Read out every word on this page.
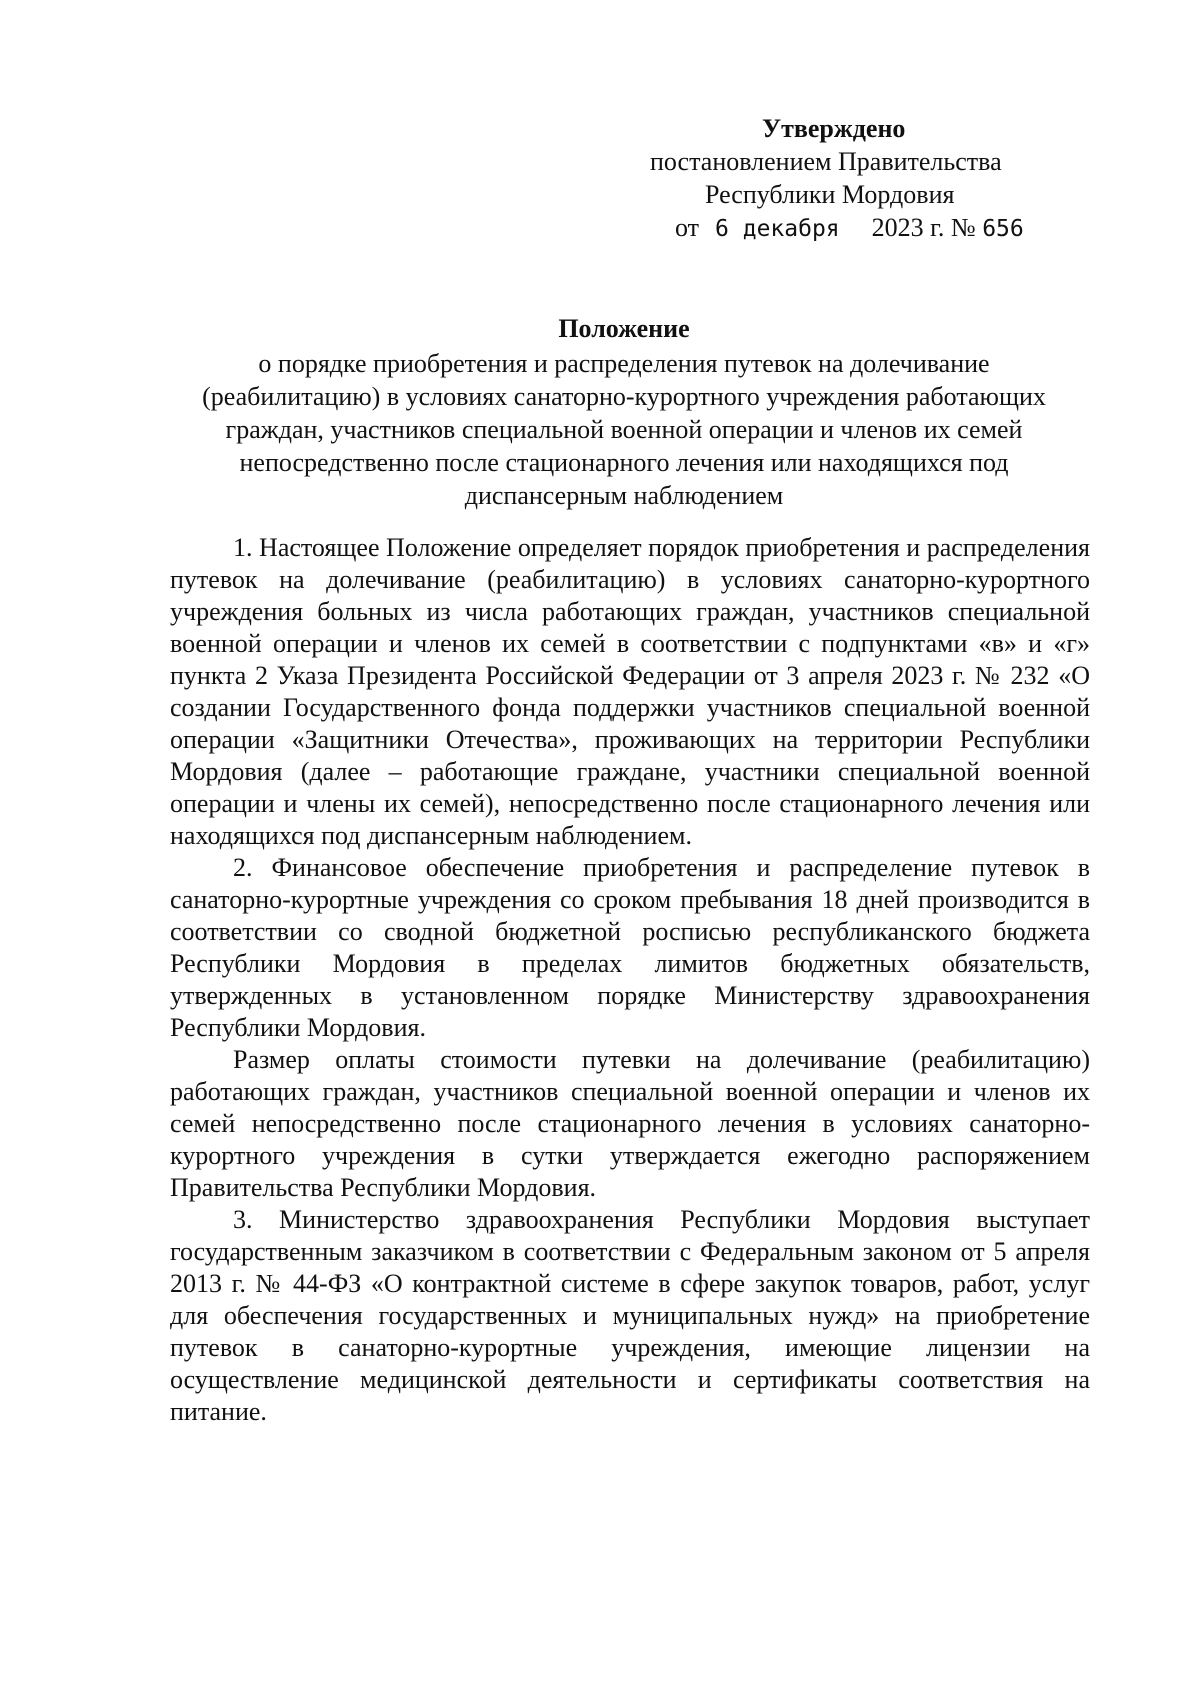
Утверждено
постановлением Правительства
Республики Мордовия
от 6 декабря 2023 г. № 656
Положение
о порядке приобретения и распределения путевок на долечивание
(реабилитацию) в условиях санаторно-курортного учреждения работающих
граждан, участников специальной военной операции и членов их семей
непосредственно после стационарного лечения или находящихся под
диспансерным наблюдением

1. Настоящее Положение определяет порядок приобретения и распределения путевок на долечивание (реабилитацию) в условиях санаторно-курортного учреждения больных из числа работающих граждан, участников специальной военной операции и членов их семей в соответствии с подпунктами «в» и «г» пункта 2 Указа Президента Российской Федерации от 3 апреля 2023 г. № 232 «О создании Государственного фонда поддержки участников специальной военной операции «Защитники Отечества», проживающих на территории Республики Мордовия (далее – работающие граждане, участники специальной военной операции и члены их семей), непосредственно после стационарного лечения или находящихся под диспансерным наблюдением.

2. Финансовое обеспечение приобретения и распределение путевок в санаторно-курортные учреждения со сроком пребывания 18 дней производится в соответствии со сводной бюджетной росписью республиканского бюджета Республики Мордовия в пределах лимитов бюджетных обязательств, утвержденных в установленном порядке Министерству здравоохранения Республики Мордовия.

Размер оплаты стоимости путевки на долечивание (реабилитацию) работающих граждан, участников специальной военной операции и членов их семей непосредственно после стационарного лечения в условиях санаторно-курортного учреждения в сутки утверждается ежегодно распоряжением Правительства Республики Мордовия.

3. Министерство здравоохранения Республики Мордовия выступает государственным заказчиком в соответствии с Федеральным законом от 5 апреля 2013 г. № 44-ФЗ «О контрактной системе в сфере закупок товаров, работ, услуг для обеспечения государственных и муниципальных нужд» на приобретение путевок в санаторно-курортные учреждения, имеющие лицензии на осуществление медицинской деятельности и сертификаты соответствия на питание.
